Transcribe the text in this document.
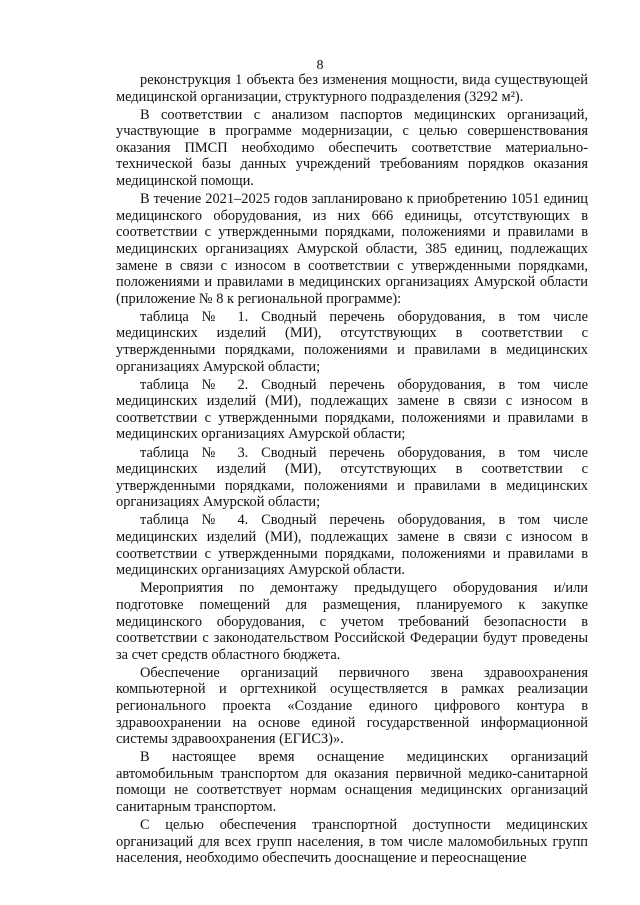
8

реконструкция 1 объекта без изменения мощности, вида существующей медицинской организации, структурного подразделения (3292 м²).

В соответствии с анализом паспортов медицинских организаций, участвующие в программе модернизации, с целью совершенствования оказания ПМСП необходимо обеспечить соответствие материально-технической базы данных учреждений требованиям порядков оказания медицинской помощи.

В течение 2021–2025 годов запланировано к приобретению 1051 единиц медицинского оборудования, из них 666 единицы, отсутствующих в соответствии с утвержденными порядками, положениями и правилами в медицинских организациях Амурской области, 385 единиц, подлежащих замене в связи с износом в соответствии с утвержденными порядками, положениями и правилами в медицинских организациях Амурской области (приложение № 8 к региональной программе):

таблица № 1. Сводный перечень оборудования, в том числе медицинских изделий (МИ), отсутствующих в соответствии с утвержденными порядками, положениями и правилами в медицинских организациях Амурской области;

таблица № 2. Сводный перечень оборудования, в том числе медицинских изделий (МИ), подлежащих замене в связи с износом в соответствии с утвержденными порядками, положениями и правилами в медицинских организациях Амурской области;

таблица № 3. Сводный перечень оборудования, в том числе медицинских изделий (МИ), отсутствующих в соответствии с утвержденными порядками, положениями и правилами в медицинских организациях Амурской области;

таблица № 4. Сводный перечень оборудования, в том числе медицинских изделий (МИ), подлежащих замене в связи с износом в соответствии с утвержденными порядками, положениями и правилами в медицинских организациях Амурской области.

Мероприятия по демонтажу предыдущего оборудования и/или подготовке помещений для размещения, планируемого к закупке медицинского оборудования, с учетом требований безопасности в соответствии с законодательством Российской Федерации будут проведены за счет средств областного бюджета.

Обеспечение организаций первичного звена здравоохранения компьютерной и оргтехникой осуществляется в рамках реализации регионального проекта «Создание единого цифрового контура в здравоохранении на основе единой государственной информационной системы здравоохранения (ЕГИСЗ)».

В настоящее время оснащение медицинских организаций автомобильным транспортом для оказания первичной медико-санитарной помощи не соответствует нормам оснащения медицинских организаций санитарным транспортом.

С целью обеспечения транспортной доступности медицинских организаций для всех групп населения, в том числе маломобильных групп населения, необходимо обеспечить дооснащение и переоснащение
